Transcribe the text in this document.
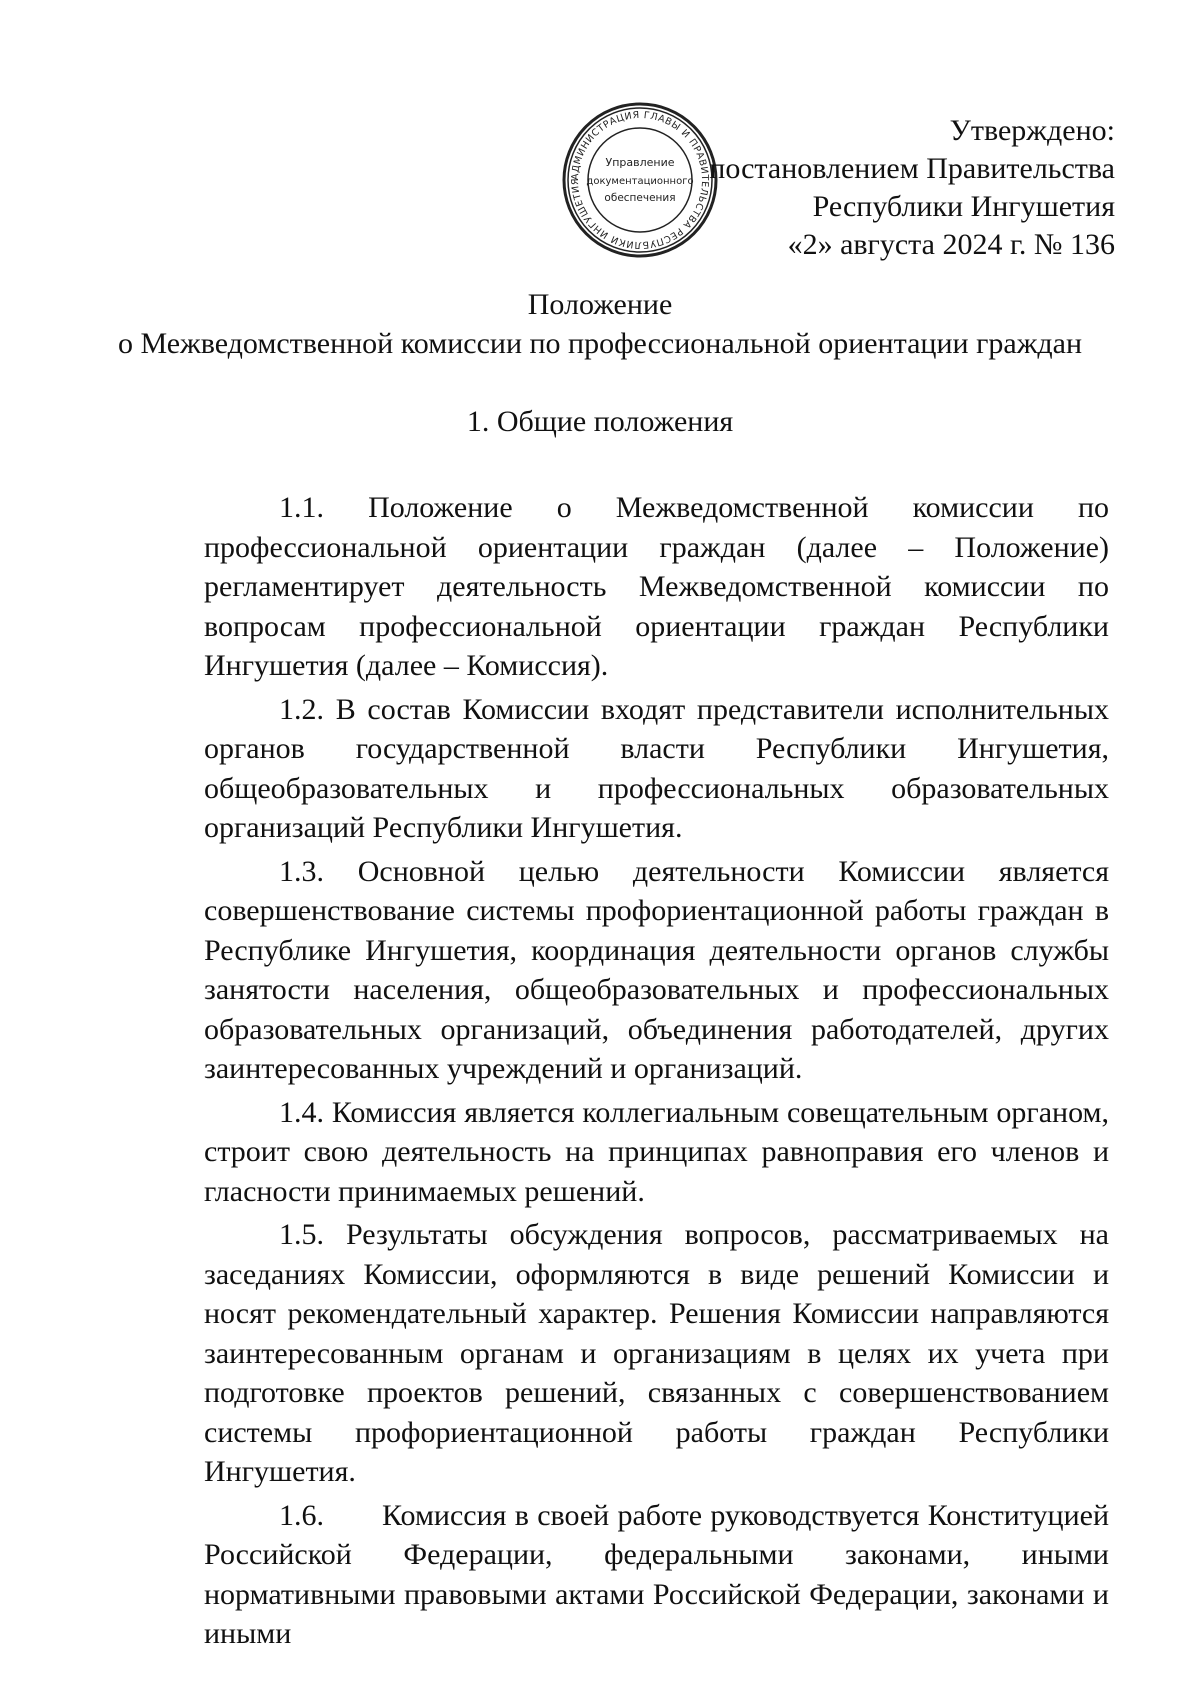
АДМИНИСТРАЦИЯ ГЛАВЫ И ПРАВИТЕЛЬСТВА РЕСПУБЛИКИ ИНГУШЕТИЯ
Управление
документационного
обеспечения
Утверждено:
постановлением Правительства
Республики Ингушетия
«2» августа 2024 г. № 136
Положение
о Межведомственной комиссии по профессиональной ориентации граждан
1. Общие положения

1.1. Положение о Межведомственной комиссии по профессиональной ориентации граждан (далее – Положение) регламентирует деятельность Межведомственной комиссии по вопросам профессиональной ориентации граждан Республики Ингушетия (далее – Комиссия).

1.2. В состав Комиссии входят представители исполнительных органов государственной власти Республики Ингушетия, общеобразовательных и профессиональных образовательных организаций Республики Ингушетия.

1.3. Основной целью деятельности Комиссии является совершенствование системы профориентационной работы граждан в Республике Ингушетия, координация деятельности органов службы занятости населения, общеобразовательных и профессиональных образовательных организаций, объединения работодателей, других заинтересованных учреждений и организаций.

1.4. Комиссия является коллегиальным совещательным органом, строит свою деятельность на принципах равноправия его членов и гласности принимаемых решений.

1.5. Результаты обсуждения вопросов, рассматриваемых на заседаниях Комиссии, оформляются в виде решений Комиссии и носят рекомендательный характер. Решения Комиссии направляются заинтересованным органам и организациям в целях их учета при подготовке проектов решений, связанных с совершенствованием системы профориентационной работы граждан Республики Ингушетия.

1.6. Комиссия в своей работе руководствуется Конституцией Российской Федерации, федеральными законами, иными нормативными правовыми актами Российской Федерации, законами и иными
